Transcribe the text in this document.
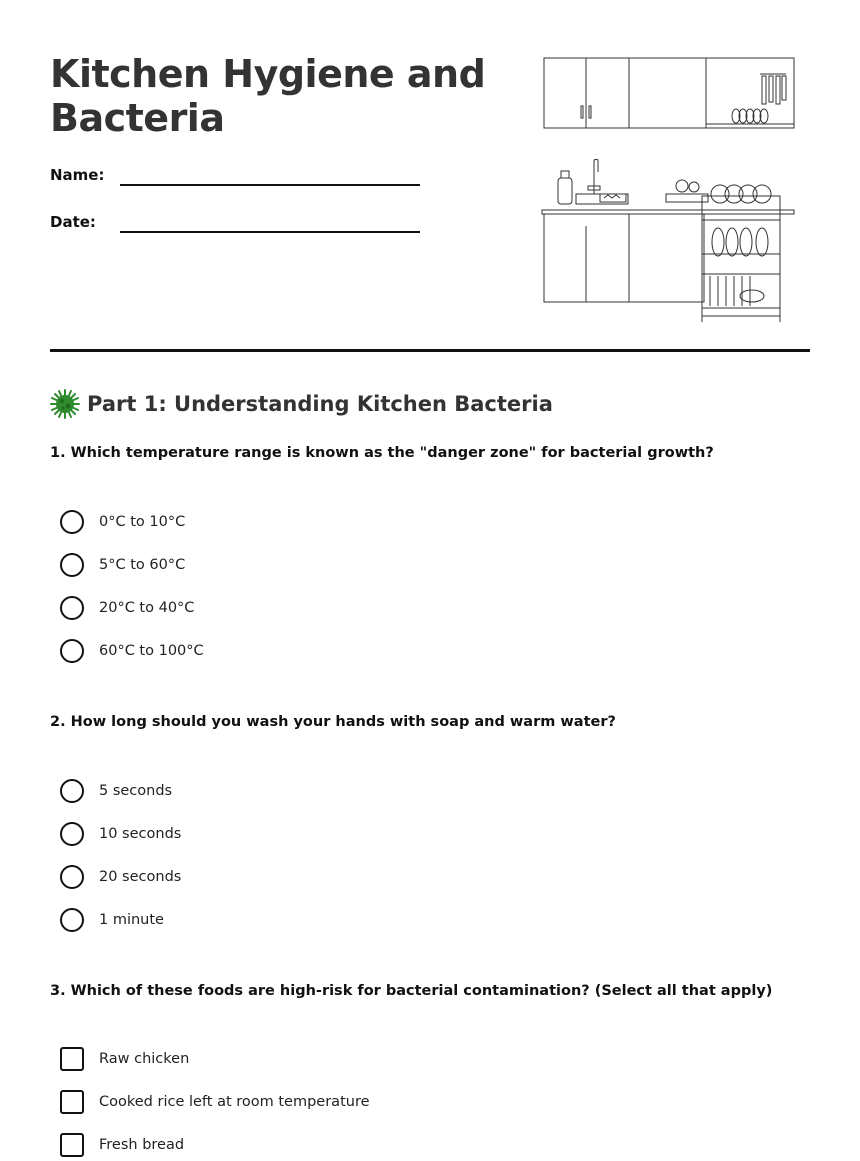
Kitchen Hygiene and
Bacteria
Name:
Date:
Part 1: Understanding Kitchen Bacteria
1. Which temperature range is known as the "danger zone" for bacterial growth?
0°C to 10°C
5°C to 60°C
20°C to 40°C
60°C to 100°C
2. How long should you wash your hands with soap and warm water?
5 seconds
10 seconds
20 seconds
1 minute
3. Which of these foods are high-risk for bacterial contamination? (Select all that apply)
Raw chicken
Cooked rice left at room temperature
Fresh bread
